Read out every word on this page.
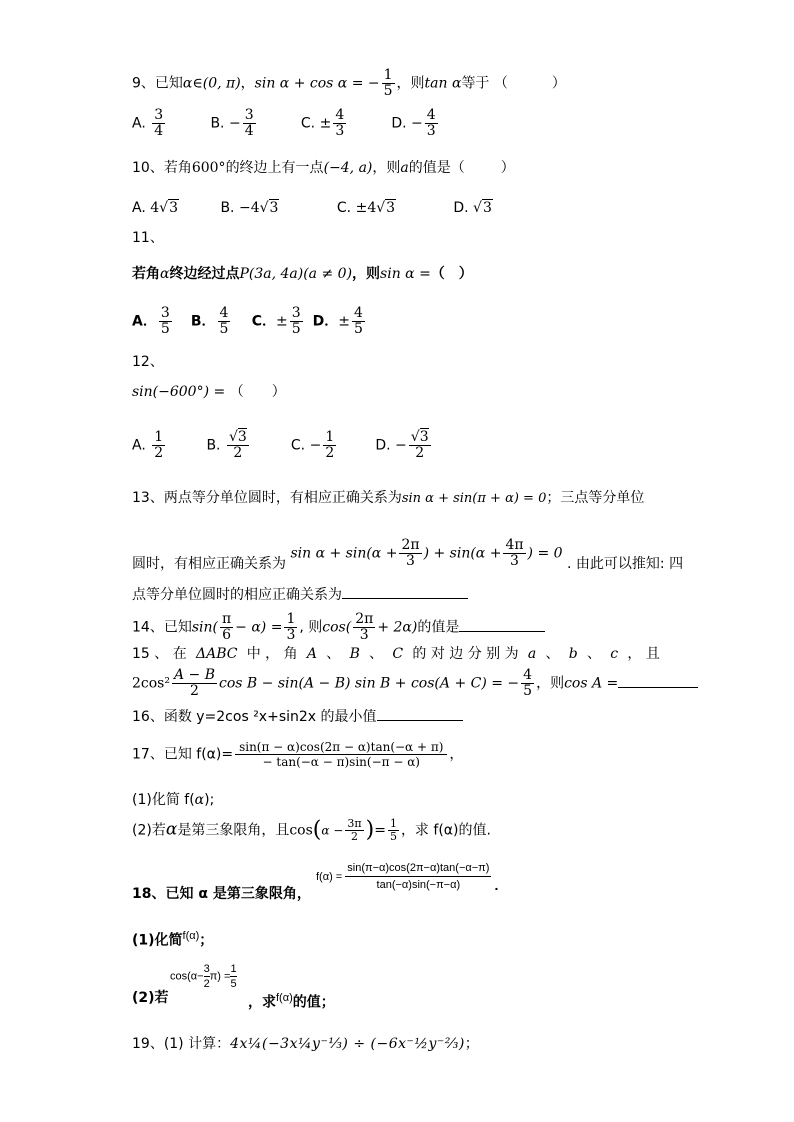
9、已知α∈(0, π)，sin α + cos α = − $\frac{1}{5}$ ，则tan α等于 （	）
A. $\frac{3}{4}$	B. − $\frac{3}{4}$	C. ± $\frac{4}{3}$	D. − $\frac{4}{3}$
10、若角600°的终边上有一点(−4, a)，则a的值是（	）
A. 4√3	B. −4√3	C. ±4√3	D. √3
11、
若角α终边经过点P(3a, 4a)(a ≠ 0)，则sin α =（　）
A． $\frac{3}{5}$ B． $\frac{4}{5}$ C．± $\frac{3}{5}$ D．± $\frac{4}{5}$
12、
sin(−600°) = （　　）
A. $\frac{1}{2}$	B. $\frac{√3}{2}$	C. − $\frac{1}{2}$	D. − $\frac{√3}{2}$
13、两点等分单位圆时，有相应正确关系为sin α + sin(π + α) = 0；三点等分单位
圆时，有相应正确关系为 $\sin \alpha + \sin(\alpha + \frac{2\pi}{3}$ ) + $\sin(\alpha + \frac{4\pi}{3}$ ) = 0 . 由此可以推知: 四
点等分单位圆时的相应正确关系为
14、已知$\sin( \frac{\pi}{6} - \alpha) = \frac{1}{3}$ , 则$\cos( \frac{2\pi}{3} + 2\alpha)$的值是
15 、 在 ΔABC 中 ， 角 A 、 B 、 C 的 对 边 分 别 为 a 、 b 、 c ， 且
$2\cos^2 \frac{A - B}{2}$ cos B − sin(A − B) sin B + cos(A + C) = − $\frac{4}{5}$ ，则cos A =
16、函数 y=2cos ²x+sin2x 的最小值
17、已知 $f(\alpha)= \frac{\sin(\pi - \alpha)\cos(2\pi - \alpha)\tan(-\alpha + \pi)}{- \tan(-\alpha - \pi)\sin(-\pi - \alpha)}$ ，
(1)化简 f(α);
(2)若α是第三象限角，且$\cos(\alpha - \frac{3\pi}{2}$ )= $\frac{1}{5}$ ，求 f(α)的值.
18、已知 α 是第三象限角，
$f(\alpha) = \frac{\sin(\pi-\alpha)\cos(2\pi-\alpha)\tan(-\alpha-\pi)}{\tan(-\alpha)\sin(-\pi-\alpha)}$ .
(1)化简$^{f(\alpha)}$；
(2)若
$\cos(\alpha- \frac{3}{2} \pi) = \frac{1}{5}$
，求$^{f(\alpha)}$的值；
19、(1) 计算：4x¼(−3x¼y⁻⅓) ÷ (−6x⁻½y⁻⅔)；
